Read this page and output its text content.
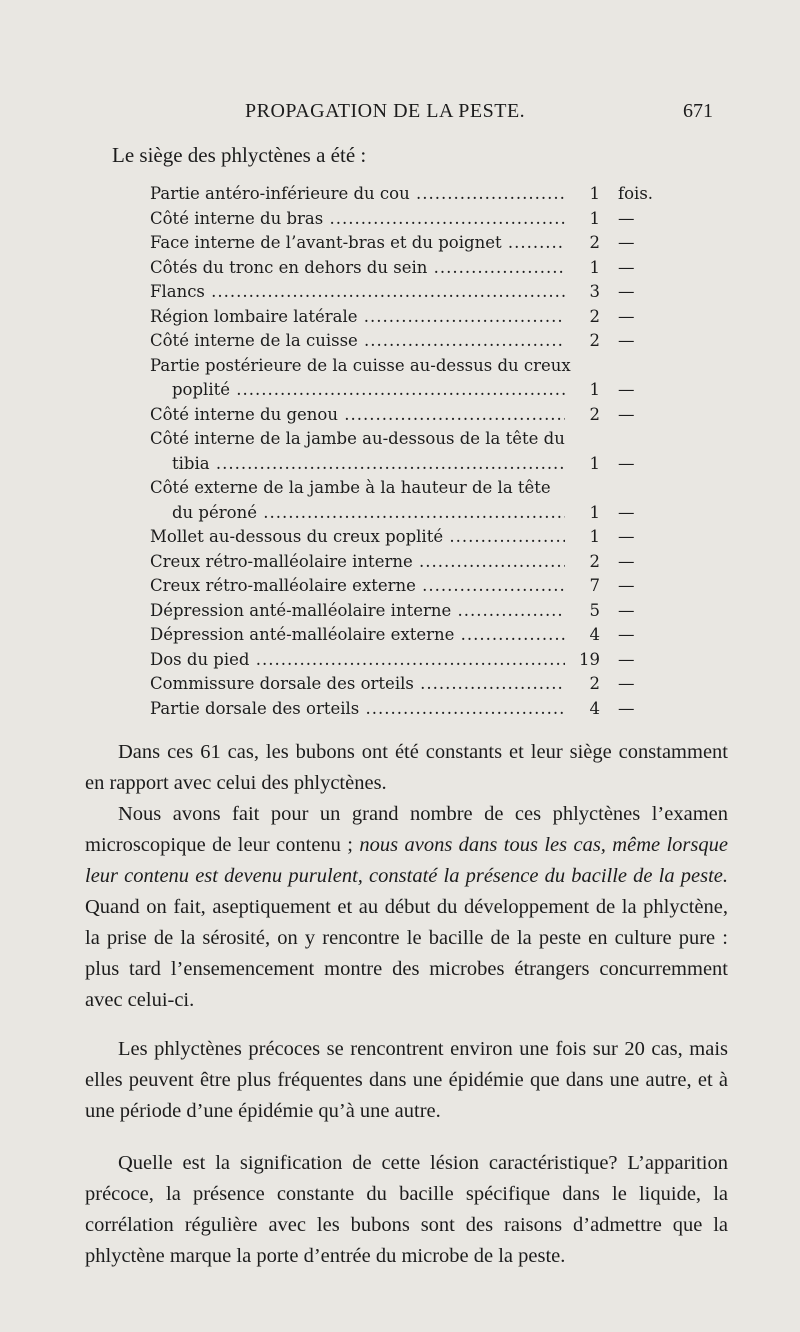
PROPAGATION DE LA PESTE.	671
Le siège des phlyctènes a été :
Partie antéro-inférieure du cou .....	1 fois.
Côté interne du bras .....	1 —
Face interne de l’avant-bras et du poignet .....	2 —
Côtés du tronc en dehors du sein .....	1 —
Flancs .....	3 —
Région lombaire latérale .....	2 —
Côté interne de la cuisse .....	2 —
Partie postérieure de la cuisse au-dessus du creux
poplité .....	1 —
Côté interne du genou .....	2 —
Côté interne de la jambe au-dessous de la tête du
tibia .....	1 —
Côté externe de la jambe à la hauteur de la tête
du péroné .....	1 —
Mollet au-dessous du creux poplité .....	1 —
Creux rétro-malléolaire interne .....	2 —
Creux rétro-malléolaire externe .....	7 —
Dépression anté-malléolaire interne .....	5 —
Dépression anté-malléolaire externe .....	4 —
Dos du pied .....	19 —
Commissure dorsale des orteils .....	2 —
Partie dorsale des orteils .....	4 —

Dans ces 61 cas, les bubons ont été constants et leur siège constamment en rapport avec celui des phlyctènes.

Nous avons fait pour un grand nombre de ces phlyctènes l’examen microscopique de leur contenu ; nous avons dans tous les cas, même lorsque leur contenu est devenu purulent, constaté la présence du bacille de la peste. Quand on fait, aseptiquement et au début du développement de la phlyctène, la prise de la sérosité, on y rencontre le bacille de la peste en culture pure : plus tard l’ensemencement montre des microbes étrangers concurremment avec celui-ci.

Les phlyctènes précoces se rencontrent environ une fois sur 20 cas, mais elles peuvent être plus fréquentes dans une épidémie que dans une autre, et à une période d’une épidémie qu’à une autre.

Quelle est la signification de cette lésion caractéristique? L’apparition précoce, la présence constante du bacille spécifique dans le liquide, la corrélation régulière avec les bubons sont des raisons d’admettre que la phlyctène marque la porte d’entrée du microbe de la peste.
